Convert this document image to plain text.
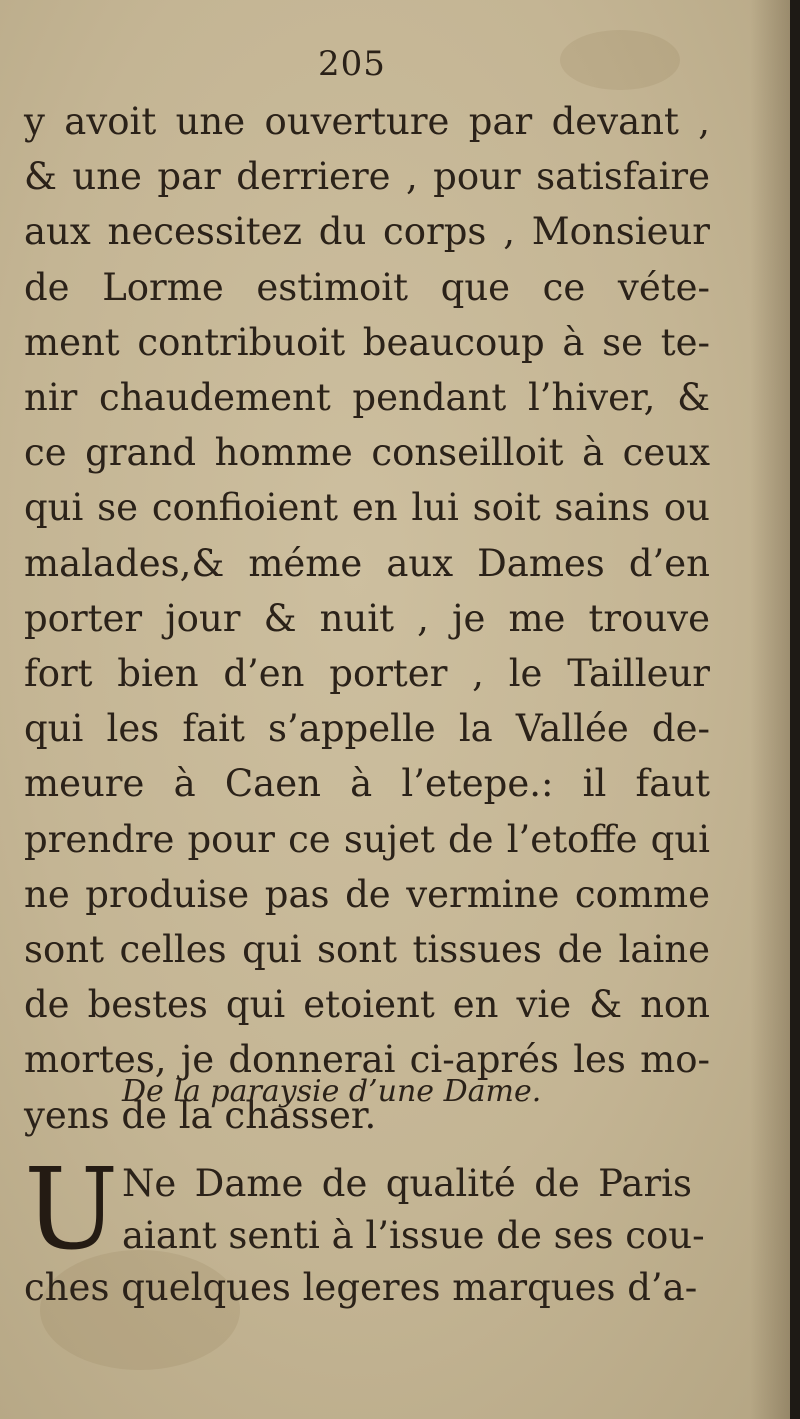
205
y avoit une ouverture par devant ,
& une par derriere , pour satisfaire
aux necessitez du corps , Monsieur
de Lorme estimoit que ce véte-
ment contribuoit beaucoup à se te-
nir chaudement pendant l’hiver, &
ce grand homme conseilloit à ceux
qui se confioient en lui soit sains ou
malades,& méme aux Dames d’en
porter jour & nuit , je me trouve
fort bien d’en porter , le Tailleur
qui les fait s’appelle la Vallée de-
meure à Caen à l’etepe.: il faut
prendre pour ce sujet de l’etoffe qui
ne produise pas de vermine comme
sont celles qui sont tissues de laine
de bestes qui etoient en vie & non
mortes, je donnerai ci-aprés les mo-
yens de la chasser.
De la paraysie d’une Dame.
U Ne Dame de qualité de Paris
aiant senti à l’issue de ses cou-
ches quelques legeres marques d’a-
